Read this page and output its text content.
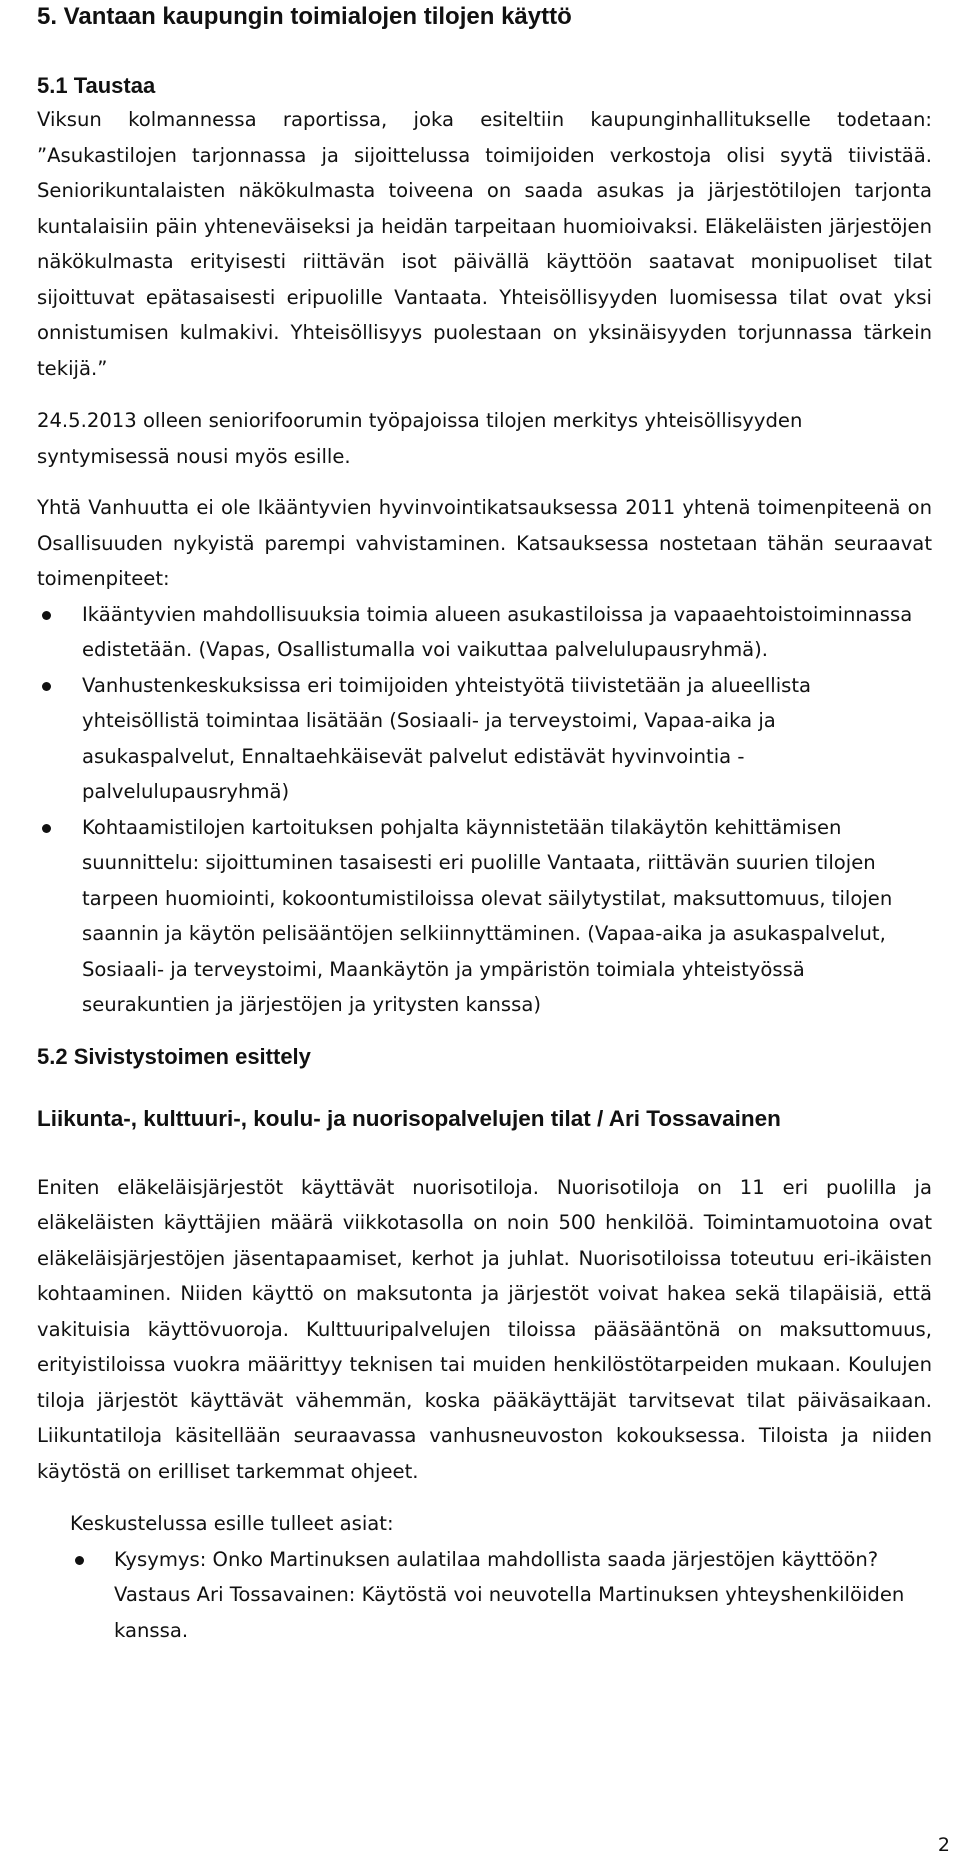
5. Vantaan kaupungin toimialojen tilojen käyttö
5.1 Taustaa

Viksun kolmannessa raportissa, joka esiteltiin kaupunginhallitukselle todetaan: ”Asukastilojen tarjonnassa ja sijoittelussa toimijoiden verkostoja olisi syytä tiivistää. Seniorikuntalaisten näkökulmasta toiveena on saada asukas ja järjestötilojen tarjonta kuntalaisiin päin yhteneväiseksi ja heidän tarpeitaan huomioivaksi. Eläkeläisten järjestöjen näkökulmasta erityisesti riittävän isot päivällä käyttöön saatavat monipuoliset tilat sijoittuvat epätasaisesti eripuolille Vantaata. Yhteisöllisyyden luomisessa tilat ovat yksi onnistumisen kulmakivi. Yhteisöllisyys puolestaan on yksinäisyyden torjunnassa tärkein tekijä.”

24.5.2013 olleen seniorifoorumin työpajoissa tilojen merkitys yhteisöllisyyden syntymisessä nousi myös esille.

Yhtä Vanhuutta ei ole Ikääntyvien hyvinvointikatsauksessa 2011 yhtenä toimenpiteenä on Osallisuuden nykyistä parempi vahvistaminen. Katsauksessa nostetaan tähän seuraavat toimenpiteet:

Ikääntyvien mahdollisuuksia toimia alueen asukastiloissa ja vapaaehtoistoiminnassa edistetään. (Vapas, Osallistumalla voi vaikuttaa palvelulupausryhmä).
Vanhustenkeskuksissa eri toimijoiden yhteistyötä tiivistetään ja alueellista yhteisöllistä toimintaa lisätään (Sosiaali- ja terveystoimi, Vapaa-aika ja asukaspalvelut, Ennaltaehkäisevät palvelut edistävät hyvinvointia - palvelulupausryhmä)
Kohtaamistilojen kartoituksen pohjalta käynnistetään tilakäytön kehittämisen suunnittelu: sijoittuminen tasaisesti eri puolille Vantaata, riittävän suurien tilojen tarpeen huomiointi, kokoontumistiloissa olevat säilytystilat, maksuttomuus, tilojen saannin ja käytön pelisääntöjen selkiinnyttäminen. (Vapaa-aika ja asukaspalvelut, Sosiaali- ja terveystoimi, Maankäytön ja ympäristön toimiala yhteistyössä seurakuntien ja järjestöjen ja yritysten kanssa)
5.2 Sivistystoimen esittely
Liikunta-, kulttuuri-, koulu- ja nuorisopalvelujen tilat / Ari Tossavainen

Eniten eläkeläisjärjestöt käyttävät nuorisotiloja. Nuorisotiloja on 11 eri puolilla ja eläkeläisten käyttäjien määrä viikkotasolla on noin 500 henkilöä. Toimintamuotoina ovat eläkeläisjärjestöjen jäsentapaamiset, kerhot ja juhlat. Nuorisotiloissa toteutuu eri-ikäisten kohtaaminen. Niiden käyttö on maksutonta ja järjestöt voivat hakea sekä tilapäisiä, että vakituisia käyttövuoroja. Kulttuuripalvelujen tiloissa pääsääntönä on maksuttomuus, erityistiloissa vuokra määrittyy teknisen tai muiden henkilöstötarpeiden mukaan. Koulujen tiloja järjestöt käyttävät vähemmän, koska pääkäyttäjät tarvitsevat tilat päiväsaikaan. Liikuntatiloja käsitellään seuraavassa vanhusneuvoston kokouksessa. Tiloista ja niiden käytöstä on erilliset tarkemmat ohjeet.

Keskustelussa esille tulleet asiat:

Kysymys: Onko Martinuksen aulatilaa mahdollista saada järjestöjen käyttöön? Vastaus Ari Tossavainen: Käytöstä voi neuvotella Martinuksen yhteyshenkilöiden kanssa.
2
